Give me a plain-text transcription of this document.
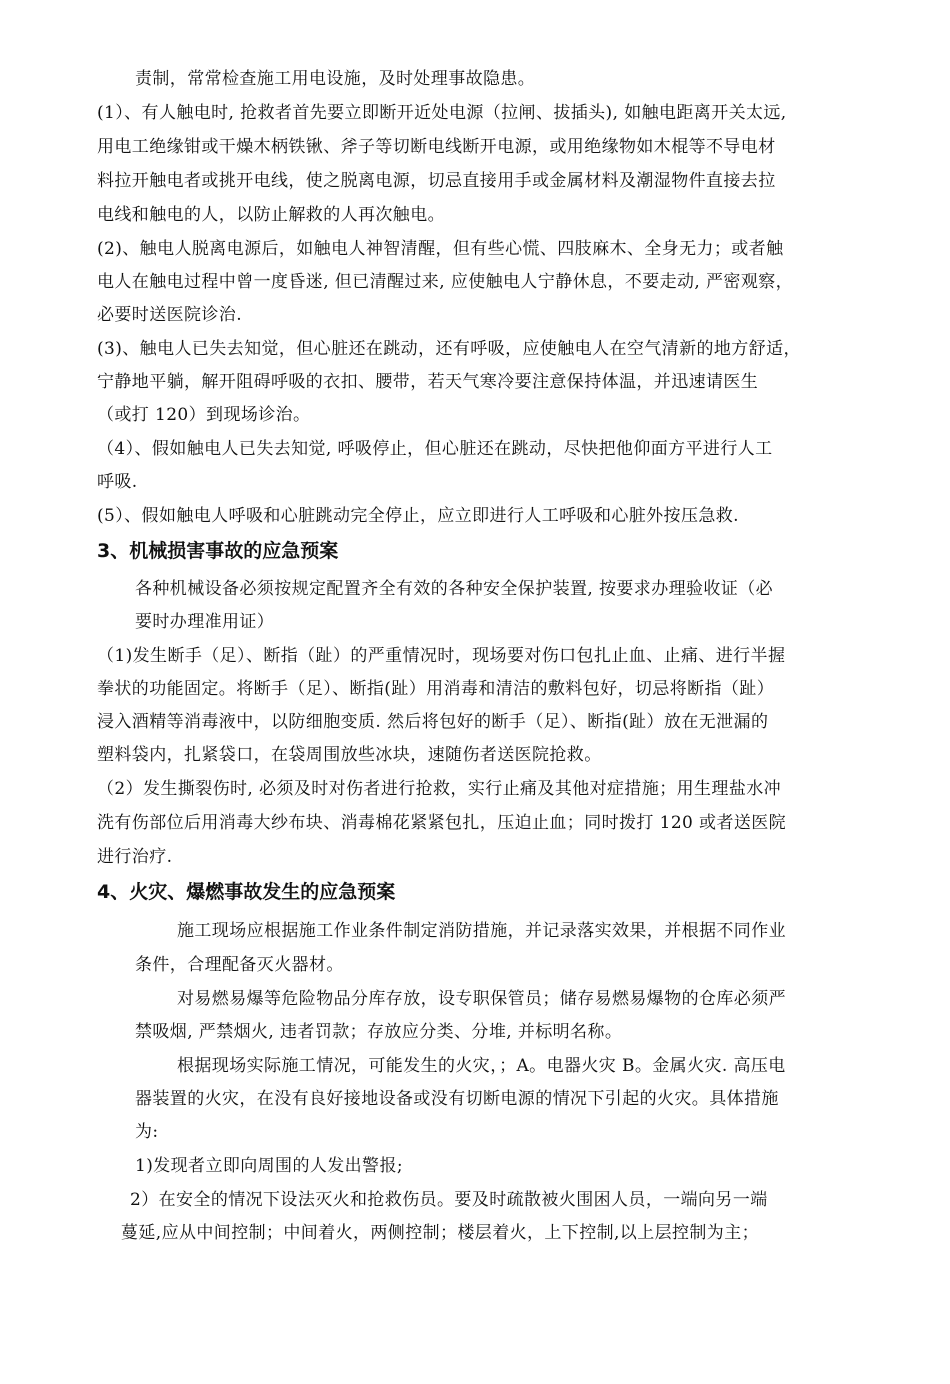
责制，常常检查施工用电设施，及时处理事故隐患。
(1）、有人触电时, 抢救者首先要立即断开近处电源（拉闸、拔插头), 如触电距离开关太远,
用电工绝缘钳或干燥木柄铁锹、斧子等切断电线断开电源，或用绝缘物如木棍等不导电材
料拉开触电者或挑开电线，使之脱离电源，切忌直接用手或金属材料及潮湿物件直接去拉
电线和触电的人，以防止解救的人再次触电。
(2)、触电人脱离电源后，如触电人神智清醒，但有些心慌、四肢麻木、全身无力；或者触
电人在触电过程中曾一度昏迷, 但已清醒过来, 应使触电人宁静休息，不要走动, 严密观察，
必要时送医院诊治.
(3)、触电人已失去知觉，但心脏还在跳动，还有呼吸，应使触电人在空气清新的地方舒适，
宁静地平躺，解开阻碍呼吸的衣扣、腰带，若天气寒冷要注意保持体温，并迅速请医生
（或打 120）到现场诊治。
（4）、假如触电人已失去知觉, 呼吸停止，但心脏还在跳动，尽快把他仰面方平进行人工
呼吸.
(5）、假如触电人呼吸和心脏跳动完全停止，应立即进行人工呼吸和心脏外按压急救.
3、机械损害事故的应急预案
各种机械设备必须按规定配置齐全有效的各种安全保护装置, 按要求办理验收证（必
要时办理准用证）
（1)发生断手（足）、断指（趾）的严重情况时，现场要对伤口包扎止血、止痛、进行半握
拳状的功能固定。将断手（足）、断指(趾）用消毒和清洁的敷料包好，切忌将断指（趾）
浸入酒精等消毒液中，以防细胞变质. 然后将包好的断手（足）、断指(趾）放在无泄漏的
塑料袋内，扎紧袋口，在袋周围放些冰块，速随伤者送医院抢救。
（2）发生撕裂伤时, 必须及时对伤者进行抢救，实行止痛及其他对症措施；用生理盐水冲
洗有伤部位后用消毒大纱布块、消毒棉花紧紧包扎，压迫止血；同时拨打 120 或者送医院
进行治疗.
4、火灾、爆燃事故发生的应急预案
施工现场应根据施工作业条件制定消防措施，并记录落实效果，并根据不同作业
条件，合理配备灭火器材。
对易燃易爆等危险物品分库存放，设专职保管员；储存易燃易爆物的仓库必须严
禁吸烟, 严禁烟火, 违者罚款；存放应分类、分堆, 并标明名称。
根据现场实际施工情况，可能发生的火灾，；A。电器火灾 B。金属火灾. 高压电
器装置的火灾，在没有良好接地设备或没有切断电源的情况下引起的火灾。具体措施
为:
1)发现者立即向周围的人发出警报;
2）在安全的情况下设法灭火和抢救伤员。要及时疏散被火围困人员，一端向另一端
蔓延,应从中间控制；中间着火，两侧控制；楼层着火，上下控制,以上层控制为主；
